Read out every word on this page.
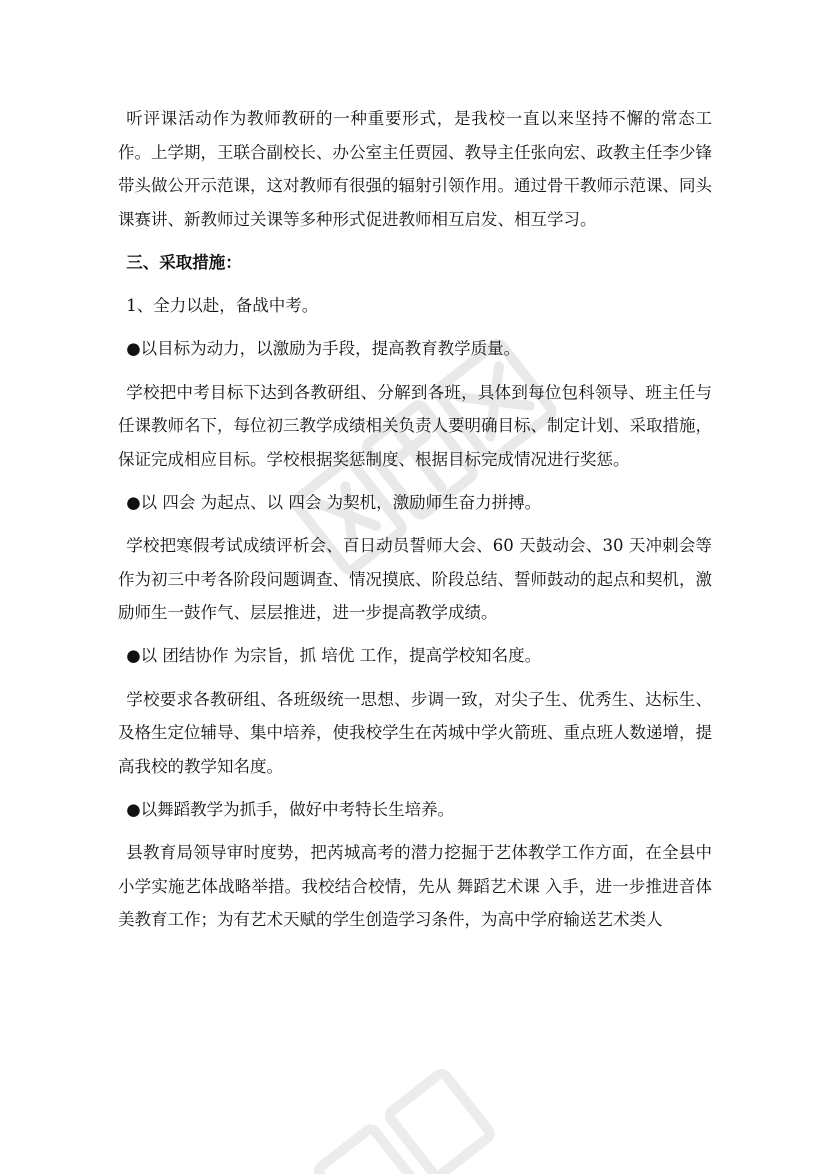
听评课活动作为教师教研的一种重要形式，是我校一直以来坚持不懈的常态工作。上学期，王联合副校长、办公室主任贾园、教导主任张向宏、政教主任李少锋带头做公开示范课，这对教师有很强的辐射引领作用。通过骨干教师示范课、同头课赛讲、新教师过关课等多种形式促进教师相互启发、相互学习。

三、采取措施：

1、全力以赴，备战中考。

●以目标为动力，以激励为手段，提高教育教学质量。

学校把中考目标下达到各教研组、分解到各班，具体到每位包科领导、班主任与任课教师名下，每位初三教学成绩相关负责人要明确目标、制定计划、采取措施，保证完成相应目标。学校根据奖惩制度、根据目标完成情况进行奖惩。

●以 四会 为起点、以 四会 为契机，激励师生奋力拼搏。

学校把寒假考试成绩评析会、百日动员誓师大会、60 天鼓动会、30 天冲刺会等作为初三中考各阶段问题调查、情况摸底、阶段总结、誓师鼓动的起点和契机，激励师生一鼓作气、层层推进，进一步提高教学成绩。

●以 团结协作 为宗旨，抓 培优 工作，提高学校知名度。

学校要求各教研组、各班级统一思想、步调一致，对尖子生、优秀生、达标生、及格生定位辅导、集中培养，使我校学生在芮城中学火箭班、重点班人数递增，提高我校的教学知名度。

●以舞蹈教学为抓手，做好中考特长生培养。

县教育局领导审时度势，把芮城高考的潜力挖掘于艺体教学工作方面，在全县中小学实施艺体战略举措。我校结合校情，先从 舞蹈艺术课 入手，进一步推进音体美教育工作；为有艺术天赋的学生创造学习条件，为高中学府输送艺术类人
